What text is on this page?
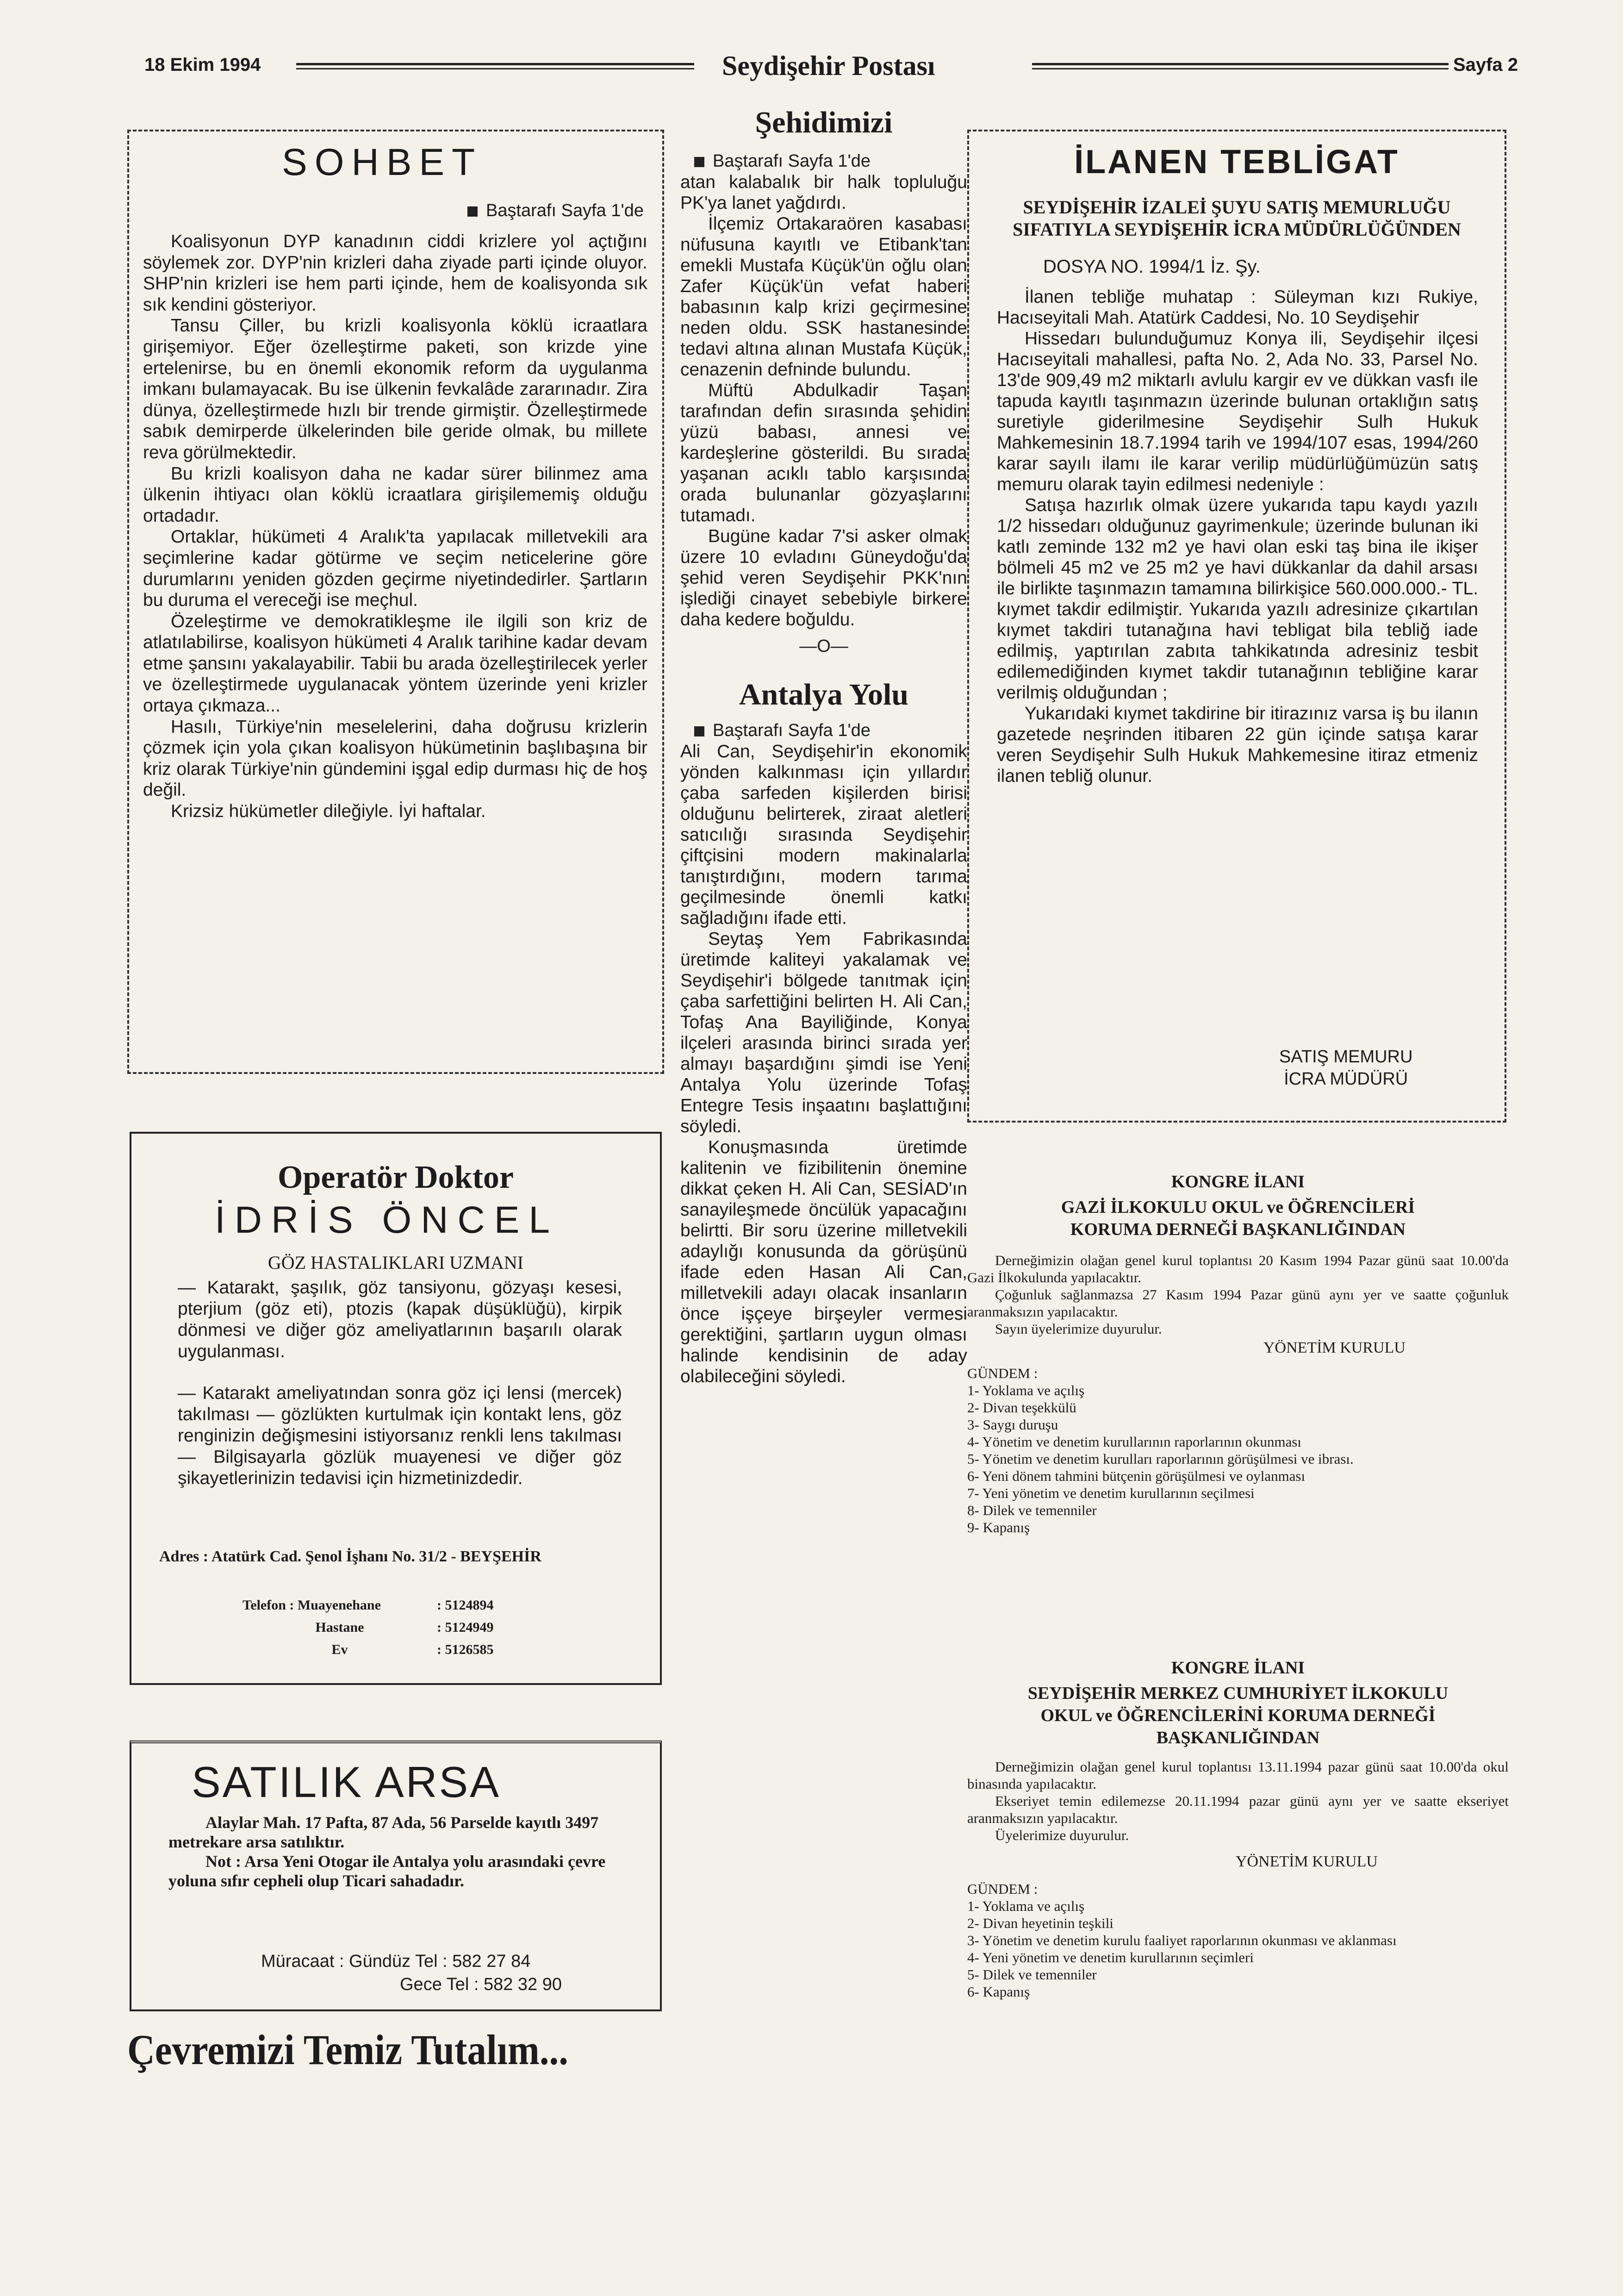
18 Ekim 1994	Seydişehir Postası	Sayfa 2
SOHBET
Baştarafı Sayfa 1'de

Koalisyonun DYP kanadının ciddi krizlere yol açtığını söylemek zor. DYP'nin krizleri daha ziyade parti içinde oluyor. SHP'nin krizleri ise hem parti içinde, hem de koalisyonda sık sık kendini gösteriyor.

Tansu Çiller, bu krizli koalisyonla köklü icraatlara girişemiyor. Eğer özelleştirme paketi, son krizde yine ertelenirse, bu en önemli ekonomik reform da uygulanma imkanı bulamayacak. Bu ise ülkenin fevkalâde zararınadır. Zira dünya, özelleştirmede hızlı bir trende girmiştir. Özelleştirmede sabık demirperde ülkelerinden bile geride olmak, bu millete reva görülmektedir.

Bu krizli koalisyon daha ne kadar sürer bilinmez ama ülkenin ihtiyacı olan köklü icraatlara girişilememiş olduğu ortadadır.

Ortaklar, hükümeti 4 Aralık'ta yapılacak milletvekili ara seçimlerine kadar götürme ve seçim neticelerine göre durumlarını yeniden gözden geçirme niyetindedirler. Şartların bu duruma el vereceği ise meçhul.

Özeleştirme ve demokratikleşme ile ilgili son kriz de atlatılabilirse, koalisyon hükümeti 4 Aralık tarihine kadar devam etme şansını yakalayabilir. Tabii bu arada özelleştirilecek yerler ve özelleştirmede uygulanacak yöntem üzerinde yeni krizler ortaya çıkmaza...

Hasılı, Türkiye'nin meselelerini, daha doğrusu krizlerin çözmek için yola çıkan koalisyon hükümetinin başlıbaşına bir kriz olarak Türkiye'nin gündemini işgal edip durması hiç de hoş değil.

Krizsiz hükümetler dileğiyle. İyi haftalar.

Operatör Doktor
İDRİS ÖNCEL
GÖZ HASTALIKLARI UZMANI

— Katarakt, şaşılık, göz tansiyonu, gözyaşı kesesi, pterjium (göz eti), ptozis (kapak düşüklüğü), kirpik dönmesi ve diğer göz ameliyatlarının başarılı olarak uygulanması.

— Katarakt ameliyatından sonra göz içi lensi (mercek) takılması — gözlükten kurtulmak için kontakt lens, göz renginizin değişmesini istiyorsanız renkli lens takılması — Bilgisayarla gözlük muayenesi ve diğer göz şikayetlerinizin tedavisi için hizmetinizdedir.

Adres : Atatürk Cad. Şenol İşhanı No. 31/2 - BEYŞEHİR
Telefon : Muayenehane	: 5124894
Hastane	: 5124949
Ev	: 5126585
SATILIK ARSA

Alaylar Mah. 17 Pafta, 87 Ada, 56 Parselde kayıtlı 3497 metrekare arsa satılıktır.

Not : Arsa Yeni Otogar ile Antalya yolu arasındaki çevre yoluna sıfır cepheli olup Ticari sahadadır.

Müracaat : Gündüz Tel : 582 27 84
Gece Tel : 582 32 90
Çevremizi Temiz Tutalım...
Şehidimizi
Baştarafı Sayfa 1'de

atan kalabalık bir halk topluluğu PK'ya lanet yağdırdı.

İlçemiz Ortakaraören kasabası nüfusuna kayıtlı ve Etibank'tan emekli Mustafa Küçük'ün oğlu olan Zafer Küçük'ün vefat haberi babasının kalp krizi geçirmesine neden oldu. SSK hastanesinde tedavi altına alınan Mustafa Küçük, cenazenin defninde bulundu.

Müftü Abdulkadir Taşan tarafından defin sırasında şehidin yüzü babası, annesi ve kardeşlerine gösterildi. Bu sırada yaşanan acıklı tablo karşısında orada bulunanlar gözyaşlarını tutamadı.

Bugüne kadar 7'si asker olmak üzere 10 evladını Güneydoğu'da şehid veren Seydişehir PKK'nın işlediği cinayet sebebiyle birkere daha kedere boğuldu.

—O—
Antalya Yolu
Baştarafı Sayfa 1'de

Ali Can, Seydişehir'in ekonomik yönden kalkınması için yıllardır çaba sarfeden kişilerden birisi olduğunu belirterek, ziraat aletleri satıcılığı sırasında Seydişehir çiftçisini modern makinalarla tanıştırdığını, modern tarıma geçilmesinde önemli katkı sağladığını ifade etti.

Seytaş Yem Fabrikasında üretimde kaliteyi yakalamak ve Seydişehir'i bölgede tanıtmak için çaba sarfettiğini belirten H. Ali Can, Tofaş Ana Bayiliğinde, Konya ilçeleri arasında birinci sırada yer almayı başardığını şimdi ise Yeni Antalya Yolu üzerinde Tofaş Entegre Tesis inşaatını başlattığını söyledi.

Konuşmasında üretimde kalitenin ve fizibilitenin önemine dikkat çeken H. Ali Can, SESİAD'ın sanayileşmede öncülük yapacağını belirtti. Bir soru üzerine milletvekili adaylığı konusunda da görüşünü ifade eden Hasan Ali Can, milletvekili adayı olacak insanların önce işçeye birşeyler vermesi gerektiğini, şartların uygun olması halinde kendisinin de aday olabileceğini söyledi.

İLANEN TEBLİGAT
SEYDİŞEHİR İZALEİ ŞUYU SATIŞ MEMURLUĞU SIFATIYLA SEYDİŞEHİR İCRA MÜDÜRLÜĞÜNDEN
DOSYA NO. 1994/1 İz. Şy.

İlanen tebliğe muhatap : Süleyman kızı Rukiye, Hacıseyitali Mah. Atatürk Caddesi, No. 10 Seydişehir

Hissedarı bulunduğumuz Konya ili, Seydişehir ilçesi Hacıseyitali mahallesi, pafta No. 2, Ada No. 33, Parsel No. 13'de 909,49 m2 miktarlı avlulu kargir ev ve dükkan vasfı ile tapuda kayıtlı taşınmazın üzerinde bulunan ortaklığın satış suretiyle giderilmesine Seydişehir Sulh Hukuk Mahkemesinin 18.7.1994 tarih ve 1994/107 esas, 1994/260 karar sayılı ilamı ile karar verilip müdürlüğümüzün satış memuru olarak tayin edilmesi nedeniyle :

Satışa hazırlık olmak üzere yukarıda tapu kaydı yazılı 1/2 hissedarı olduğunuz gayrimenkule; üzerinde bulunan iki katlı zeminde 132 m2 ye havi olan eski taş bina ile ikişer bölmeli 45 m2 ve 25 m2 ye havi dükkanlar da dahil arsası ile birlikte taşınmazın tamamına bilirkişice 560.000.000.- TL. kıymet takdir edilmiştir. Yukarıda yazılı adresinize çıkartılan kıymet takdiri tutanağına havi tebligat bila tebliğ iade edilmiş, yaptırılan zabıta tahkikatında adresiniz tesbit edilemediğinden kıymet takdir tutanağının tebliğine karar verilmiş olduğundan ;

Yukarıdaki kıymet takdirine bir itirazınız varsa iş bu ilanın gazetede neşrinden itibaren 22 gün içinde satışa karar veren Seydişehir Sulh Hukuk Mahkemesine itiraz etmeniz ilanen tebliğ olunur.

SATIŞ MEMURU
İCRA MÜDÜRÜ
KONGRE İLANI
GAZİ İLKOKULU OKUL ve ÖĞRENCİLERİ KORUMA DERNEĞİ BAŞKANLIĞINDAN

Derneğimizin olağan genel kurul toplantısı 20 Kasım 1994 Pazar günü saat 10.00'da Gazi İlkokulunda yapılacaktır.

Çoğunluk sağlanmazsa 27 Kasım 1994 Pazar günü aynı yer ve saatte çoğunluk aranmaksızın yapılacaktır.

Sayın üyelerimize duyurulur.

YÖNETİM KURULU
GÜNDEM :
1- Yoklama ve açılış
2- Divan teşekkülü
3- Saygı duruşu
4- Yönetim ve denetim kurullarının raporlarının okunması
5- Yönetim ve denetim kurulları raporlarının görüşülmesi ve ibrası.
6- Yeni dönem tahmini bütçenin görüşülmesi ve oylanması
7- Yeni yönetim ve denetim kurullarının seçilmesi
8- Dilek ve temenniler
9- Kapanış
KONGRE İLANI
SEYDİŞEHİR MERKEZ CUMHURİYET İLKOKULU OKUL ve ÖĞRENCİLERİNİ KORUMA DERNEĞİ BAŞKANLIĞINDAN

Derneğimizin olağan genel kurul toplantısı 13.11.1994 pazar günü saat 10.00'da okul binasında yapılacaktır.

Ekseriyet temin edilemezse 20.11.1994 pazar günü aynı yer ve saatte ekseriyet aranmaksızın yapılacaktır.

Üyelerimize duyurulur.

YÖNETİM KURULU
GÜNDEM :
1- Yoklama ve açılış
2- Divan heyetinin teşkili
3- Yönetim ve denetim kurulu faaliyet raporlarının okunması ve aklanması
4- Yeni yönetim ve denetim kurullarının seçimleri
5- Dilek ve temenniler
6- Kapanış
